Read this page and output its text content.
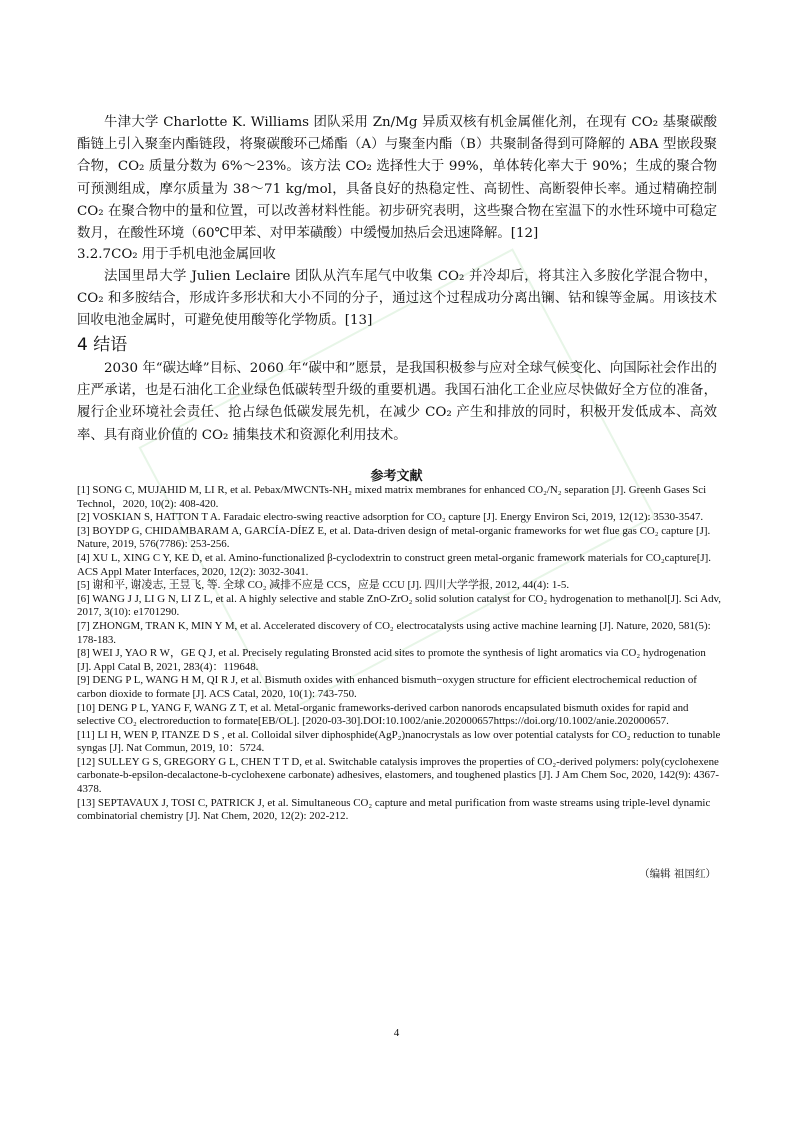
牛津大学 Charlotte K. Williams 团队采用 Zn/Mg 异质双核有机金属催化剂，在现有 CO₂ 基聚碳酸酯链上引入聚奎内酯链段，将聚碳酸环己烯酯（A）与聚奎内酯（B）共聚制备得到可降解的 ABA 型嵌段聚合物，CO₂ 质量分数为 6%～23%。该方法 CO₂ 选择性大于 99%，单体转化率大于 90%；生成的聚合物可预测组成，摩尔质量为 38～71 kg/mol，具备良好的热稳定性、高韧性、高断裂伸长率。通过精确控制 CO₂ 在聚合物中的量和位置，可以改善材料性能。初步研究表明，这些聚合物在室温下的水性环境中可稳定数月，在酸性环境（60℃甲苯、对甲苯磺酸）中缓慢加热后会迅速降解。[12]
3.2.7CO₂ 用于手机电池金属回收
法国里昂大学 Julien Leclaire 团队从汽车尾气中收集 CO₂ 并冷却后，将其注入多胺化学混合物中，CO₂ 和多胺结合，形成许多形状和大小不同的分子，通过这个过程成功分离出镧、钴和镍等金属。用该技术回收电池金属时，可避免使用酸等化学物质。[13]
4 结语
2030 年“碳达峰”目标、2060 年“碳中和”愿景，是我国积极参与应对全球气候变化、向国际社会作出的庄严承诺，也是石油化工企业绿色低碳转型升级的重要机遇。我国石油化工企业应尽快做好全方位的准备，履行企业环境社会责任、抢占绿色低碳发展先机，在减少 CO₂ 产生和排放的同时，积极开发低成本、高效率、具有商业价值的 CO₂ 捕集技术和资源化利用技术。
参考文献

[1] SONG C, MUJAHID M, LI R, et al. Pebax/MWCNTs-NH₂ mixed matrix membranes for enhanced CO₂/N₂ separation [J]. Greenh Gases Sci Technol，2020, 10(2): 408-420.

[2] VOSKIAN S, HATTON T A. Faradaic electro-swing reactive adsorption for CO₂ capture [J]. Energy Environ Sci, 2019, 12(12): 3530-3547.

[3] BOYDP G, CHIDAMBARAM A, GARCÍA-DÍEZ E, et al. Data-driven design of metal-organic frameworks for wet flue gas CO₂ capture [J]. Nature, 2019, 576(7786): 253-256.

[4] XU L, XING C Y, KE D, et al. Amino-functionalized β-cyclodextrin to construct green metal-organic framework materials for CO₂capture[J]. ACS Appl Mater Interfaces, 2020, 12(2): 3032-3041.

[5] 谢和平, 谢凌志, 王昱飞, 等. 全球 CO₂ 减排不应是 CCS，应是 CCU [J]. 四川大学学报, 2012, 44(4): 1-5.

[6] WANG J J, LI G N, LI Z L, et al. A highly selective and stable ZnO-ZrO₂ solid solution catalyst for CO₂ hydrogenation to methanol[J]. Sci Adv, 2017, 3(10): e1701290.

[7] ZHONGM, TRAN K, MIN Y M, et al. Accelerated discovery of CO₂ electrocatalysts using active machine learning [J]. Nature, 2020, 581(5): 178-183.

[8] WEI J, YAO R W，GE Q J, et al. Precisely regulating Bronsted acid sites to promote the synthesis of light aromatics via CO₂ hydrogenation [J]. Appl Catal B, 2021, 283(4)：119648.

[9] DENG P L, WANG H M, QI R J, et al. Bismuth oxides with enhanced bismuth−oxygen structure for efficient electrochemical reduction of carbon dioxide to formate [J]. ACS Catal, 2020, 10(1): 743-750.

[10] DENG P L, YANG F, WANG Z T, et al. Metal-organic frameworks-derived carbon nanorods encapsulated bismuth oxides for rapid and selective CO₂ electroreduction to formate[EB/OL]. [2020-03-30].DOI:10.1002/anie.202000657https://doi.org/10.1002/anie.202000657.

[11] LI H, WEN P, ITANZE D S , et al. Colloidal silver diphosphide(AgP₂)nanocrystals as low over potential catalysts for CO₂ reduction to tunable syngas [J]. Nat Commun, 2019, 10：5724.

[12] SULLEY G S, GREGORY G L, CHEN T T D, et al. Switchable catalysis improves the properties of CO₂-derived polymers: poly(cyclohexene carbonate-b-epsilon-decalactone-b-cyclohexene carbonate) adhesives, elastomers, and toughened plastics [J]. J Am Chem Soc, 2020, 142(9): 4367-4378.

[13] SEPTAVAUX J, TOSI C, PATRICK J, et al. Simultaneous CO₂ capture and metal purification from waste streams using triple-level dynamic combinatorial chemistry [J]. Nat Chem, 2020, 12(2): 202-212.

（编辑 祖国红）
4
